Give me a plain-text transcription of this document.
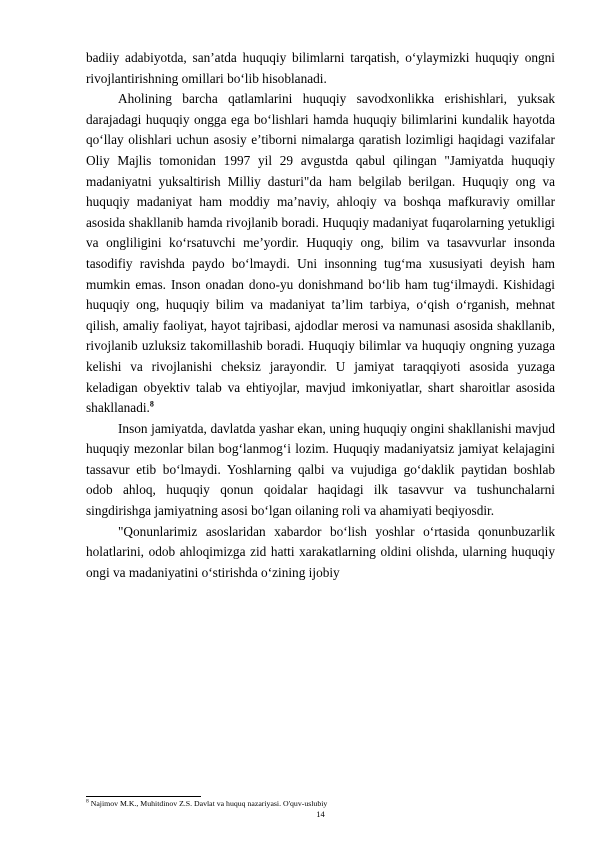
badiiy adabiyotda, san’atda huquqiy bilimlarni tarqatish, o‘ylaymizki huquqiy ongni rivojlantirishning omillari bo‘lib hisoblanadi.

Aholining barcha qatlamlarini huquqiy savodxonlikka erishishlari, yuksak darajadagi huquqiy ongga ega bo‘lishlari hamda huquqiy bilimlarini kundalik hayotda qo‘llay olishlari uchun asosiy e’tiborni nimalarga qaratish lozimligi haqidagi vazifalar Oliy Majlis tomonidan 1997 yil 29 avgustda qabul qilingan "Jamiyatda huquqiy madaniyatni yuksaltirish Milliy dasturi"da ham belgilab berilgan. Huquqiy ong va huquqiy madaniyat ham moddiy ma’naviy, ahloqiy va boshqa mafkuraviy omillar asosida shakllanib hamda rivojlanib boradi. Huquqiy madaniyat fuqarolarning yetukligi va ongliligini ko‘rsatuvchi me’yordir. Huquqiy ong, bilim va tasavvurlar insonda tasodifiy ravishda paydo bo‘lmaydi. Uni insonning tug‘ma xususiyati deyish ham mumkin emas. Inson onadan dono-yu donishmand bo‘lib ham tug‘ilmaydi. Kishidagi huquqiy ong, huquqiy bilim va madaniyat ta’lim tarbiya, o‘qish o‘rganish, mehnat qilish, amaliy faoliyat, hayot tajribasi, ajdodlar merosi va namunasi asosida shakllanib, rivojlanib uzluksiz takomillashib boradi. Huquqiy bilimlar va huquqiy ongning yuzaga kelishi va rivojlanishi cheksiz jarayondir. U jamiyat taraqqiyoti asosida yuzaga keladigan obyektiv talab va ehtiyojlar, mavjud imkoniyatlar, shart sharoitlar asosida shakllanadi.$^8$

Inson jamiyatda, davlatda yashar ekan, uning huquqiy ongini shakllanishi mavjud huquqiy mezonlar bilan bog‘lanmog‘i lozim. Huquqiy madaniyatsiz jamiyat kelajagini tassavur etib bo‘lmaydi. Yoshlarning qalbi va vujudiga go‘daklik paytidan boshlab odob ahloq, huquqiy qonun qoidalar haqidagi ilk tasavvur va tushunchalarni singdirishga jamiyatning asosi bo‘lgan oilaning roli va ahamiyati beqiyosdir.

"Qonunlarimiz asoslaridan xabardor bo‘lish yoshlar o‘rtasida qonunbuzarlik holatlarini, odob ahloqimizga zid hatti xarakatlarning oldini olishda, ularning huquqiy ongi va madaniyatini o‘stirishda o‘zining ijobiy

$^8$ Najimov M.K., Muhitdinov Z.S. Davlat va huquq nazariyasi. O'quv-uslubiy
14
